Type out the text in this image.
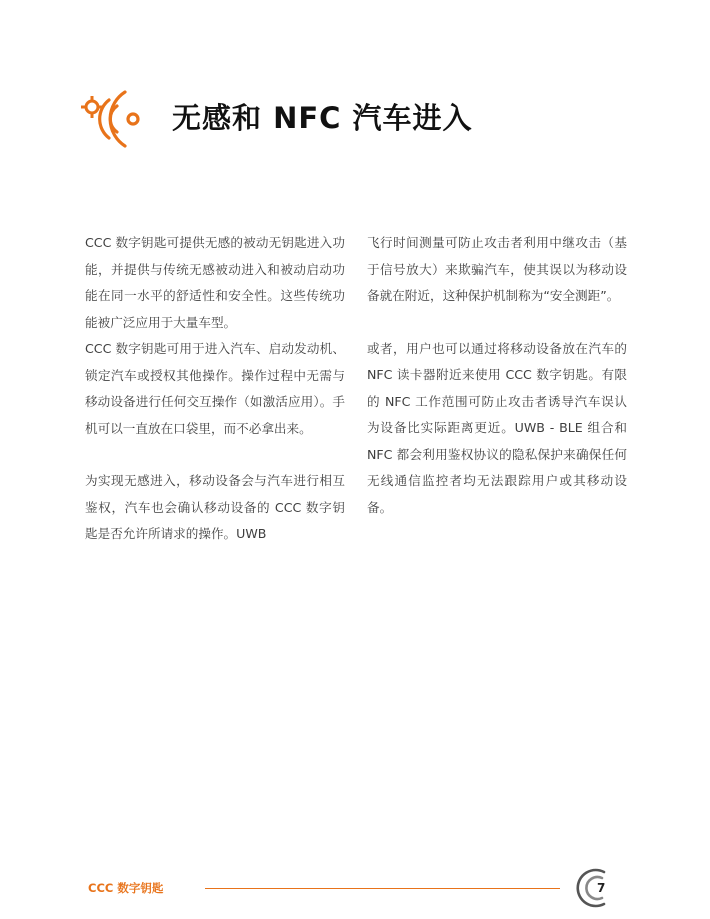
无感和 NFC 汽车进入

CCC 数字钥匙可提供无感的被动无钥匙进入功能，并提供与传统无感被动进入和被动启动功能在同一水平的舒适性和安全性。这些传统功能被广泛应用于大量车型。

CCC 数字钥匙可用于进入汽车、启动发动机、锁定汽车或授权其他操作。操作过程中无需与移动设备进行任何交互操作（如激活应用）。手机可以一直放在口袋里，而不必拿出来。

为实现无感进入，移动设备会与汽车进行相互鉴权，汽车也会确认移动设备的 CCC 数字钥匙是否允许所请求的操作。UWB

飞行时间测量可防止攻击者利用中继攻击（基于信号放大）来欺骗汽车，使其误以为移动设备就在附近，这种保护机制称为“安全测距”。

或者，用户也可以通过将移动设备放在汽车的 NFC 读卡器附近来使用 CCC 数字钥匙。有限的 NFC 工作范围可防止攻击者诱导汽车误认为设备比实际距离更近。UWB - BLE 组合和 NFC 都会利用鉴权协议的隐私保护来确保任何无线通信监控者均无法跟踪用户或其移动设备。

CCC 数字钥匙	7
